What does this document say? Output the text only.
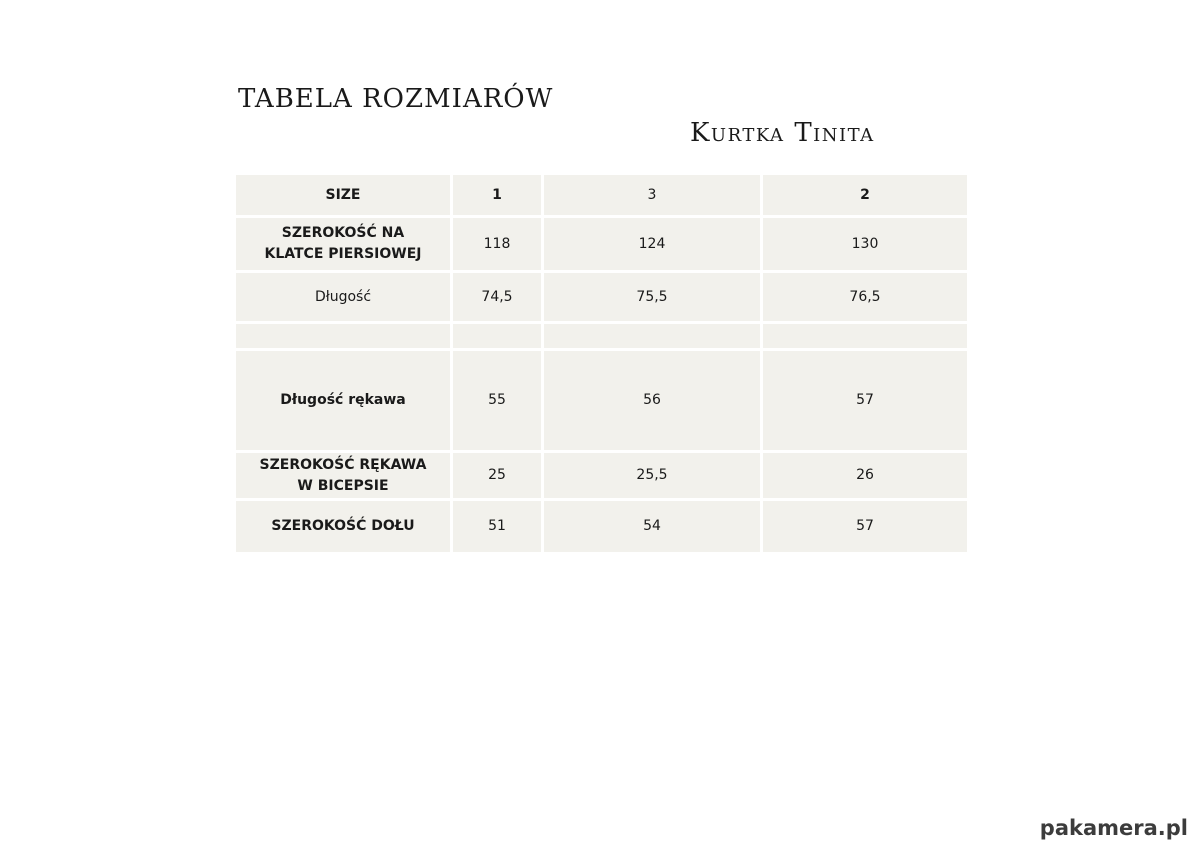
TABELA ROZMIARÓW
Kurtka Tinita
SIZE	1	3	2
SZEROKOŚĆ NA
KLATCE PIERSIOWEJ	118	124	130
Długość	74,5	75,5	76,5

Długość rękawa	55	56	57
SZEROKOŚĆ RĘKAWA
W BICEPSIE	25	25,5	26
SZEROKOŚĆ DOŁU	51	54	57
pakamera.pl
